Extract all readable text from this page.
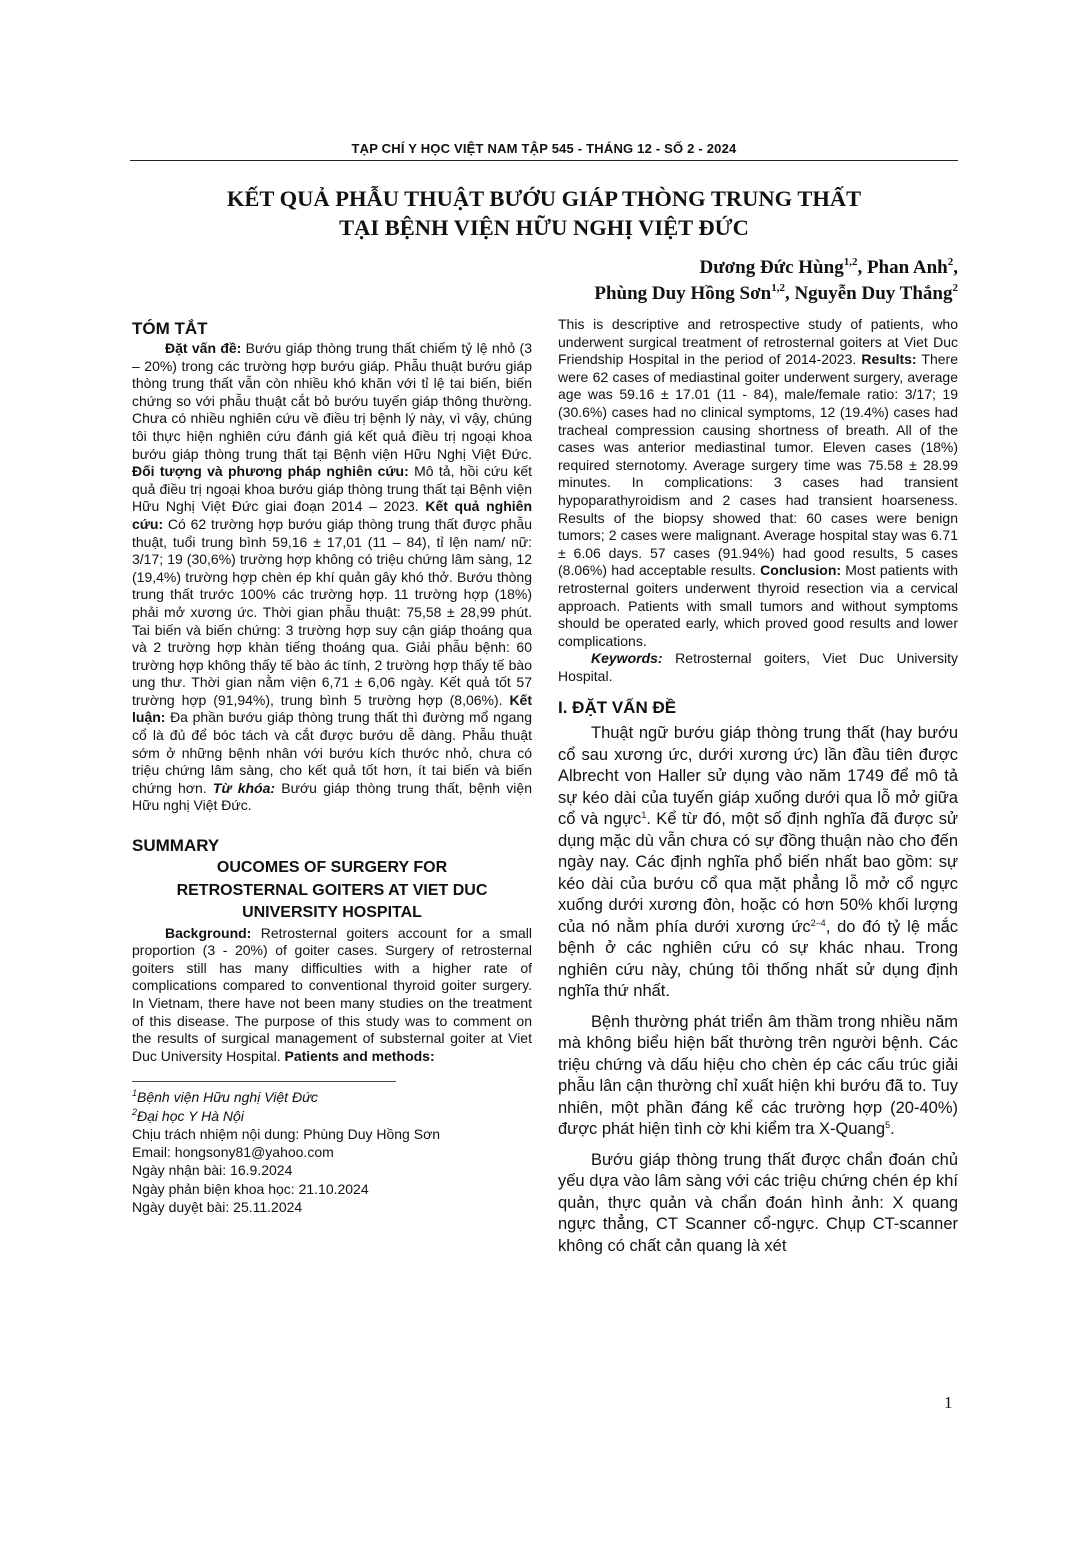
TẠP CHÍ Y HỌC VIỆT NAM TẬP 545 - THÁNG 12 - SỐ 2 - 2024
KẾT QUẢ PHẪU THUẬT BƯỚU GIÁP THÒNG TRUNG THẤT
TẠI BỆNH VIỆN HỮU NGHỊ VIỆT ĐỨC
Dương Đức Hùng$^{1,2}$, Phan Anh$^2$,
Phùng Duy Hồng Sơn$^{1,2}$, Nguyễn Duy Thắng$^2$
TÓM TẮT

Đặt vấn đề: Bướu giáp thòng trung thất chiếm tỷ lệ nhỏ (3 – 20%) trong các trường hợp bướu giáp. Phẫu thuật bướu giáp thòng trung thất vẫn còn nhiều khó khăn với tỉ lệ tai biến, biến chứng so với phẫu thuật cắt bỏ bướu tuyến giáp thông thường. Chưa có nhiều nghiên cứu về điều trị bệnh lý này, vì vậy, chúng tôi thực hiện nghiên cứu đánh giá kết quả điều trị ngoại khoa bướu giáp thòng trung thất tại Bệnh viện Hữu Nghị Việt Đức. Đối tượng và phương pháp nghiên cứu: Mô tả, hồi cứu kết quả điều trị ngoại khoa bướu giáp thòng trung thất tại Bệnh viện Hữu Nghị Việt Đức giai đoạn 2014 – 2023. Kết quả nghiên cứu: Có 62 trường hợp bướu giáp thòng trung thất được phẫu thuật, tuổi trung bình 59,16 ± 17,01 (11 – 84), tỉ lện nam/ nữ: 3/17; 19 (30,6%) trường hợp không có triệu chứng lâm sàng, 12 (19,4%) trường hợp chèn ép khí quản gây khó thở. Bướu thòng trung thất trước 100% các trường hợp. 11 trường hợp (18%) phải mở xương ức. Thời gian phẫu thuật: 75,58 ± 28,99 phút. Tai biến và biến chứng: 3 trường hợp suy cận giáp thoáng qua và 2 trường hợp khàn tiếng thoáng qua. Giải phẫu bệnh: 60 trường hợp không thấy tế bào ác tính, 2 trường hợp thấy tế bào ung thư. Thời gian nằm viện 6,71 ± 6,06 ngày. Kết quả tốt 57 trường hợp (91,94%), trung bình 5 trường hợp (8,06%). Kết luận: Đa phần bướu giáp thòng trung thất thì đường mổ ngang cổ là đủ để bóc tách và cắt được bướu dễ dàng. Phẫu thuật sớm ở những bệnh nhân với bướu kích thước nhỏ, chưa có triệu chứng lâm sàng, cho kết quả tốt hơn, ít tai biến và biến chứng hơn. Từ khóa: Bướu giáp thòng trung thất, bệnh viện Hữu nghị Việt Đức.

SUMMARY
OUCOMES OF SURGERY FOR
RETROSTERNAL GOITERS AT VIET DUC
UNIVERSITY HOSPITAL

Background: Retrosternal goiters account for a small proportion (3 - 20%) of goiter cases. Surgery of retrosternal goiters still has many difficulties with a higher rate of complications compared to conventional thyroid goiter surgery. In Vietnam, there have not been many studies on the treatment of this disease. The purpose of this study was to comment on the results of surgical management of substernal goiter at Viet Duc University Hospital. Patients and methods:

$^1$Bệnh viện Hữu nghị Việt Đức

$^2$Đại học Y Hà Nội

Chịu trách nhiệm nội dung: Phùng Duy Hồng Sơn

Email: hongsony81@yahoo.com

Ngày nhận bài: 16.9.2024

Ngày phản biện khoa học: 21.10.2024

Ngày duyệt bài: 25.11.2024

This is descriptive and retrospective study of patients, who underwent surgical treatment of retrosternal goiters at Viet Duc Friendship Hospital in the period of 2014-2023. Results: There were 62 cases of mediastinal goiter underwent surgery, average age was 59.16 ± 17.01 (11 - 84), male/female ratio: 3/17; 19 (30.6%) cases had no clinical symptoms, 12 (19.4%) cases had tracheal compression causing shortness of breath. All of the cases was anterior mediastinal tumor. Eleven cases (18%) required sternotomy. Average surgery time was 75.58 ± 28.99 minutes. In complications: 3 cases had transient hypoparathyroidism and 2 cases had transient hoarseness. Results of the biopsy showed that: 60 cases were benign tumors; 2 cases were malignant. Average hospital stay was 6.71 ± 6.06 days. 57 cases (91.94%) had good results, 5 cases (8.06%) had acceptable results. Conclusion: Most patients with retrosternal goiters underwent thyroid resection via a cervical approach. Patients with small tumors and without symptoms should be operated early, which proved good results and lower complications.

Keywords: Retrosternal goiters, Viet Duc University Hospital.

I. ĐẶT VẤN ĐỀ

Thuật ngữ bướu giáp thòng trung thất (hay bướu cổ sau xương ức, dưới xương ức) lần đầu tiên được Albrecht von Haller sử dụng vào năm 1749 để mô tả sự kéo dài của tuyến giáp xuống dưới qua lỗ mở giữa cổ và ngực$^1$. Kể từ đó, một số định nghĩa đã được sử dụng mặc dù vẫn chưa có sự đồng thuận nào cho đến ngày nay. Các định nghĩa phổ biến nhất bao gồm: sự kéo dài của bướu cổ qua mặt phẳng lỗ mở cổ ngực xuống dưới xương đòn, hoặc có hơn 50% khối lượng của nó nằm phía dưới xương ức$^{2-4}$, do đó tỷ lệ mắc bệnh ở các nghiên cứu có sự khác nhau. Trong nghiên cứu này, chúng tôi thống nhất sử dụng định nghĩa thứ nhất.

Bệnh thường phát triển âm thầm trong nhiều năm mà không biểu hiện bất thường trên người bệnh. Các triệu chứng và dấu hiệu cho chèn ép các cấu trúc giải phẫu lân cận thường chỉ xuất hiện khi bướu đã to. Tuy nhiên, một phần đáng kể các trường hợp (20-40%) được phát hiện tình cờ khi kiểm tra X-Quang$^5$.

Bướu giáp thòng trung thất được chẩn đoán chủ yếu dựa vào lâm sàng với các triệu chứng chén ép khí quản, thực quản và chẩn đoán hình ảnh: X quang ngực thẳng, CT Scanner cổ-ngực. Chụp CT-scanner không có chất cản quang là xét

1
